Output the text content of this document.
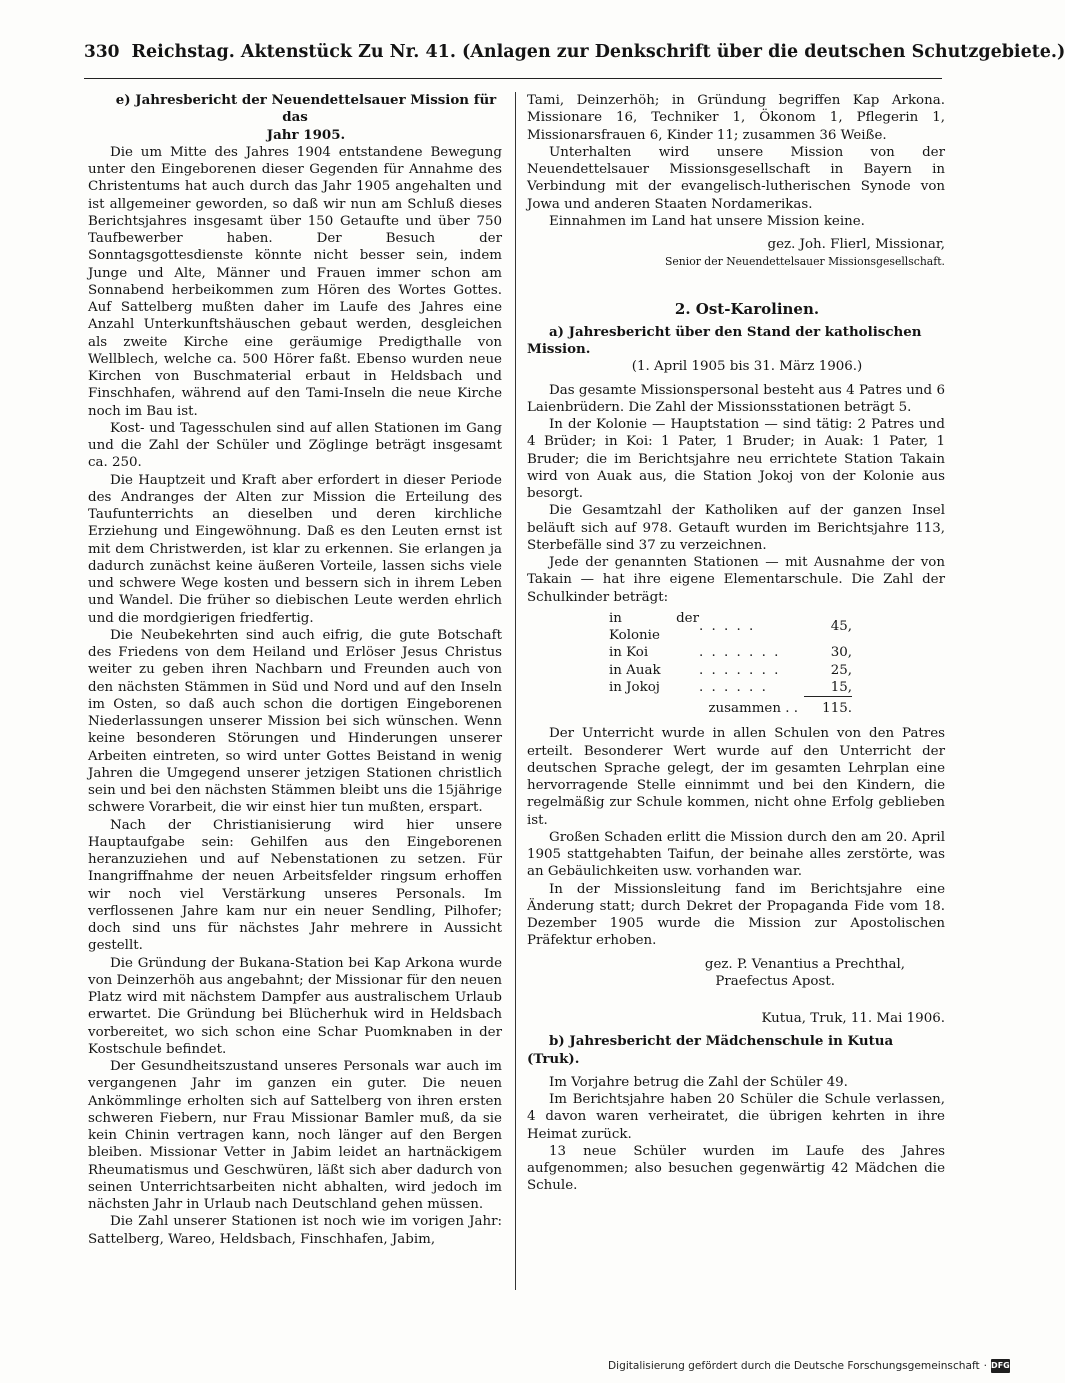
330 Reichstag. Aktenstück Zu Nr. 41. (Anlagen zur Denkschrift über die deutschen Schutzgebiete.)

e) Jahresbericht der Neuendettelsauer Mission für das

Jahr 1905.

Die um Mitte des Jahres 1904 entstandene Bewegung unter den Eingeborenen dieser Gegenden für Annahme des Christentums hat auch durch das Jahr 1905 angehalten und ist allgemeiner geworden, so daß wir nun am Schluß dieses Berichtsjahres insgesamt über 150 Getaufte und über 750 Taufbewerber haben. Der Besuch der Sonntagsgottesdienste könnte nicht besser sein, indem Junge und Alte, Männer und Frauen immer schon am Sonnabend herbeikommen zum Hören des Wortes Gottes. Auf Sattelberg mußten daher im Laufe des Jahres eine Anzahl Unterkunftshäuschen gebaut werden, desgleichen als zweite Kirche eine geräumige Predigthalle von Wellblech, welche ca. 500 Hörer faßt. Ebenso wurden neue Kirchen von Buschmaterial erbaut in Heldsbach und Finschhafen, während auf den Tami-Inseln die neue Kirche noch im Bau ist.

Kost- und Tagesschulen sind auf allen Stationen im Gang und die Zahl der Schüler und Zöglinge beträgt insgesamt ca. 250.

Die Hauptzeit und Kraft aber erfordert in dieser Periode des Andranges der Alten zur Mission die Erteilung des Taufunterrichts an dieselben und deren kirchliche Erziehung und Eingewöhnung. Daß es den Leuten ernst ist mit dem Christwerden, ist klar zu erkennen. Sie erlangen ja dadurch zunächst keine äußeren Vorteile, lassen sichs viele und schwere Wege kosten und bessern sich in ihrem Leben und Wandel. Die früher so diebischen Leute werden ehrlich und die mordgierigen friedfertig.

Die Neubekehrten sind auch eifrig, die gute Botschaft des Friedens von dem Heiland und Erlöser Jesus Christus weiter zu geben ihren Nachbarn und Freunden auch von den nächsten Stämmen in Süd und Nord und auf den Inseln im Osten, so daß auch schon die dortigen Eingeborenen Niederlassungen unserer Mission bei sich wünschen. Wenn keine besonderen Störungen und Hinderungen unserer Arbeiten eintreten, so wird unter Gottes Beistand in wenig Jahren die Umgegend unserer jetzigen Stationen christlich sein und bei den nächsten Stämmen bleibt uns die 15jährige schwere Vorarbeit, die wir einst hier tun mußten, erspart.

Nach der Christianisierung wird hier unsere Hauptaufgabe sein: Gehilfen aus den Eingeborenen heranzuziehen und auf Nebenstationen zu setzen. Für Inangriffnahme der neuen Arbeitsfelder ringsum erhoffen wir noch viel Verstärkung unseres Personals. Im verflossenen Jahre kam nur ein neuer Sendling, Pilhofer; doch sind uns für nächstes Jahr mehrere in Aussicht gestellt.

Die Gründung der Bukana-Station bei Kap Arkona wurde von Deinzerhöh aus angebahnt; der Missionar für den neuen Platz wird mit nächstem Dampfer aus australischem Urlaub erwartet. Die Gründung bei Blücherhuk wird in Heldsbach vorbereitet, wo sich schon eine Schar Puomknaben in der Kostschule befindet.

Der Gesundheitszustand unseres Personals war auch im vergangenen Jahr im ganzen ein guter. Die neuen Ankömmlinge erholten sich auf Sattelberg von ihren ersten schweren Fiebern, nur Frau Missionar Bamler muß, da sie kein Chinin vertragen kann, noch länger auf den Bergen bleiben. Missionar Vetter in Jabim leidet an hartnäckigem Rheumatismus und Geschwüren, läßt sich aber dadurch von seinen Unterrichtsarbeiten nicht abhalten, wird jedoch im nächsten Jahr in Urlaub nach Deutschland gehen müssen.

Die Zahl unserer Stationen ist noch wie im vorigen Jahr: Sattelberg, Wareo, Heldsbach, Finschhafen, Jabim,

Tami, Deinzerhöh; in Gründung begriffen Kap Arkona. Missionare 16, Techniker 1, Ökonom 1, Pflegerin 1, Missionarsfrauen 6, Kinder 11; zusammen 36 Weiße.

Unterhalten wird unsere Mission von der Neuendettelsauer Missionsgesellschaft in Bayern in Verbindung mit der evangelisch-lutherischen Synode von Jowa und anderen Staaten Nordamerikas.

Einnahmen im Land hat unsere Mission keine.

gez. Joh. Flierl, Missionar,

Senior der Neuendettelsauer Missionsgesellschaft.

2. Ost-Karolinen.

a) Jahresbericht über den Stand der katholischen Mission.

(1. April 1905 bis 31. März 1906.)

Das gesamte Missionspersonal besteht aus 4 Patres und 6 Laienbrüdern. Die Zahl der Missionsstationen beträgt 5.

In der Kolonie — Hauptstation — sind tätig: 2 Patres und 4 Brüder; in Koi: 1 Pater, 1 Bruder; in Auak: 1 Pater, 1 Bruder; die im Berichtsjahre neu errichtete Station Takain wird von Auak aus, die Station Jokoj von der Kolonie aus besorgt.

Die Gesamtzahl der Katholiken auf der ganzen Insel beläuft sich auf 978. Getauft wurden im Berichtsjahre 113, Sterbefälle sind 37 zu verzeichnen.

Jede der genannten Stationen — mit Ausnahme der von Takain — hat ihre eigene Elementarschule. Die Zahl der Schulkinder beträgt:

in der Kolonie	. . . . .	45,
in Koi	. . . . . . .	30,
in Auak	. . . . . . .	25,
in Jokoj	. . . . . .	15,
zusammen . .		115.

Der Unterricht wurde in allen Schulen von den Patres erteilt. Besonderer Wert wurde auf den Unterricht der deutschen Sprache gelegt, der im gesamten Lehrplan eine hervorragende Stelle einnimmt und bei den Kindern, die regelmäßig zur Schule kommen, nicht ohne Erfolg geblieben ist.

Großen Schaden erlitt die Mission durch den am 20. April 1905 stattgehabten Taifun, der beinahe alles zerstörte, was an Gebäulichkeiten usw. vorhanden war.

In der Missionsleitung fand im Berichtsjahre eine Änderung statt; durch Dekret der Propaganda Fide vom 18. Dezember 1905 wurde die Mission zur Apostolischen Präfektur erhoben.

gez. P. Venantius a Prechthal,

Praefectus Apost.

Kutua, Truk, 11. Mai 1906.

b) Jahresbericht der Mädchenschule in Kutua (Truk).

Im Vorjahre betrug die Zahl der Schüler 49.

Im Berichtsjahre haben 20 Schüler die Schule verlassen, 4 davon waren verheiratet, die übrigen kehrten in ihre Heimat zurück.

13 neue Schüler wurden im Laufe des Jahres aufgenommen; also besuchen gegenwärtig 42 Mädchen die Schule.

Digitalisierung gefördert durch die Deutsche Forschungsgemeinschaft · DFG
